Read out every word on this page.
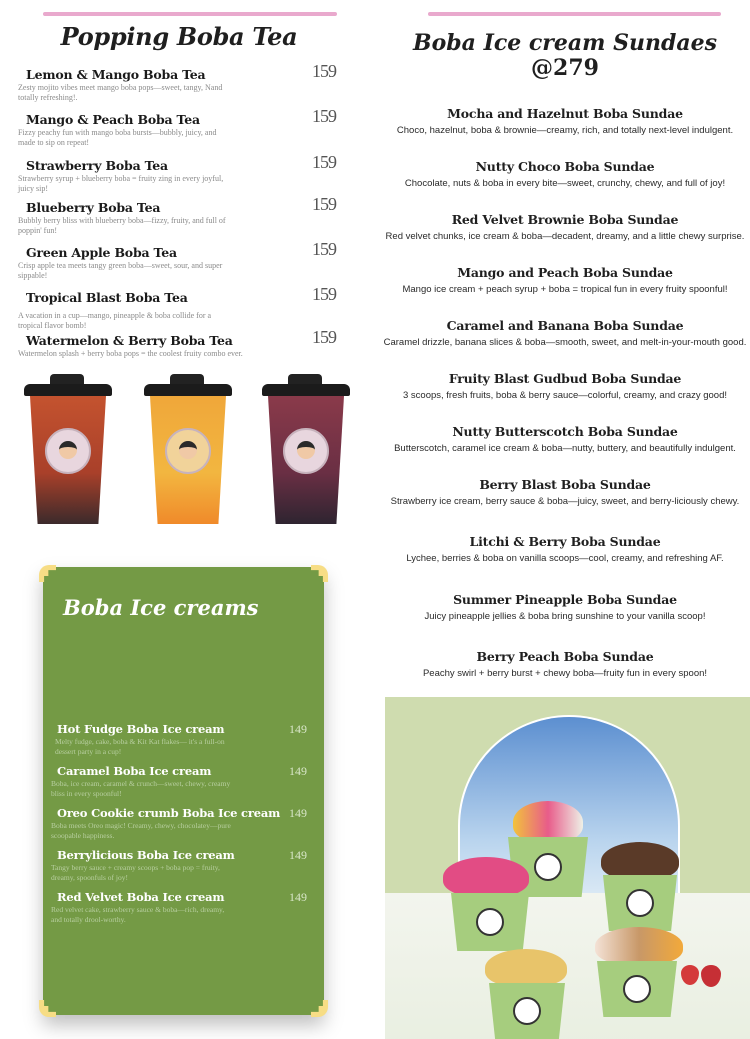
Popping Boba Tea
Lemon & Mango Boba Tea
Zesty mojito vibes meet mango boba pops—sweet, tangy, Nand totally refreshing!.
159
Mango & Peach Boba Tea
Fizzy peachy fun with mango boba bursts—bubbly, juicy, and made to sip on repeat!
159
Strawberry Boba Tea
Strawberry syrup + blueberry boba = fruity zing in every joyful, juicy sip!
159
Blueberry Boba Tea
Bubbly berry bliss with blueberry boba—fizzy, fruity, and full of poppin' fun!
159
Green Apple Boba Tea
Crisp apple tea meets tangy green boba—sweet, sour, and super sippable!
159
Tropical Blast Boba Tea
A vacation in a cup—mango, pineapple & boba collide for a tropical flavor bomb!
159
Watermelon & Berry Boba Tea
Watermelon splash + berry boba pops = the coolest fruity combo ever.
159
Boba Ice creams
Hot Fudge Boba Ice cream
Melty fudge, cake, boba & Kit Kat flakes— it's a full-on dessert party in a cup!
149
Caramel Boba Ice cream
Boba, ice cream, caramel & crunch—sweet, chewy, creamy bliss in every spoonful!
149
Oreo Cookie crumb Boba Ice cream
Boba meets Oreo magic! Creamy, chewy, chocolatey—pure scoopable happiness.
149
Berrylicious Boba Ice cream
Tangy berry sauce + creamy scoops + boba pop = fruity, dreamy, spoonfuls of joy!
149
Red Velvet Boba Ice cream
Red velvet cake, strawberry sauce & boba—rich, dreamy, and totally drool-worthy.
149
Boba Ice cream Sundaes
@279
Mocha and Hazelnut Boba Sundae
Choco, hazelnut, boba & brownie—creamy, rich, and totally next-level indulgent.
Nutty Choco Boba Sundae
Chocolate, nuts & boba in every bite—sweet, crunchy, chewy, and full of joy!
Red Velvet Brownie Boba Sundae
Red velvet chunks, ice cream & boba—decadent, dreamy, and a little chewy surprise.
Mango and Peach Boba Sundae
Mango ice cream + peach syrup + boba = tropical fun in every fruity spoonful!
Caramel and Banana Boba Sundae
Caramel drizzle, banana slices & boba—smooth, sweet, and melt-in-your-mouth good.
Fruity Blast Gudbud Boba Sundae
3 scoops, fresh fruits, boba & berry sauce—colorful, creamy, and crazy good!
Nutty Butterscotch Boba Sundae
Butterscotch, caramel ice cream & boba—nutty, buttery, and beautifully indulgent.
Berry Blast Boba Sundae
Strawberry ice cream, berry sauce & boba—juicy, sweet, and berry-liciously chewy.
Litchi & Berry Boba Sundae
Lychee, berries & boba on vanilla scoops—cool, creamy, and refreshing AF.
Summer Pineapple Boba Sundae
Juicy pineapple jellies & boba bring sunshine to your vanilla scoop!
Berry Peach Boba Sundae
Peachy swirl + berry burst + chewy boba—fruity fun in every spoon!
